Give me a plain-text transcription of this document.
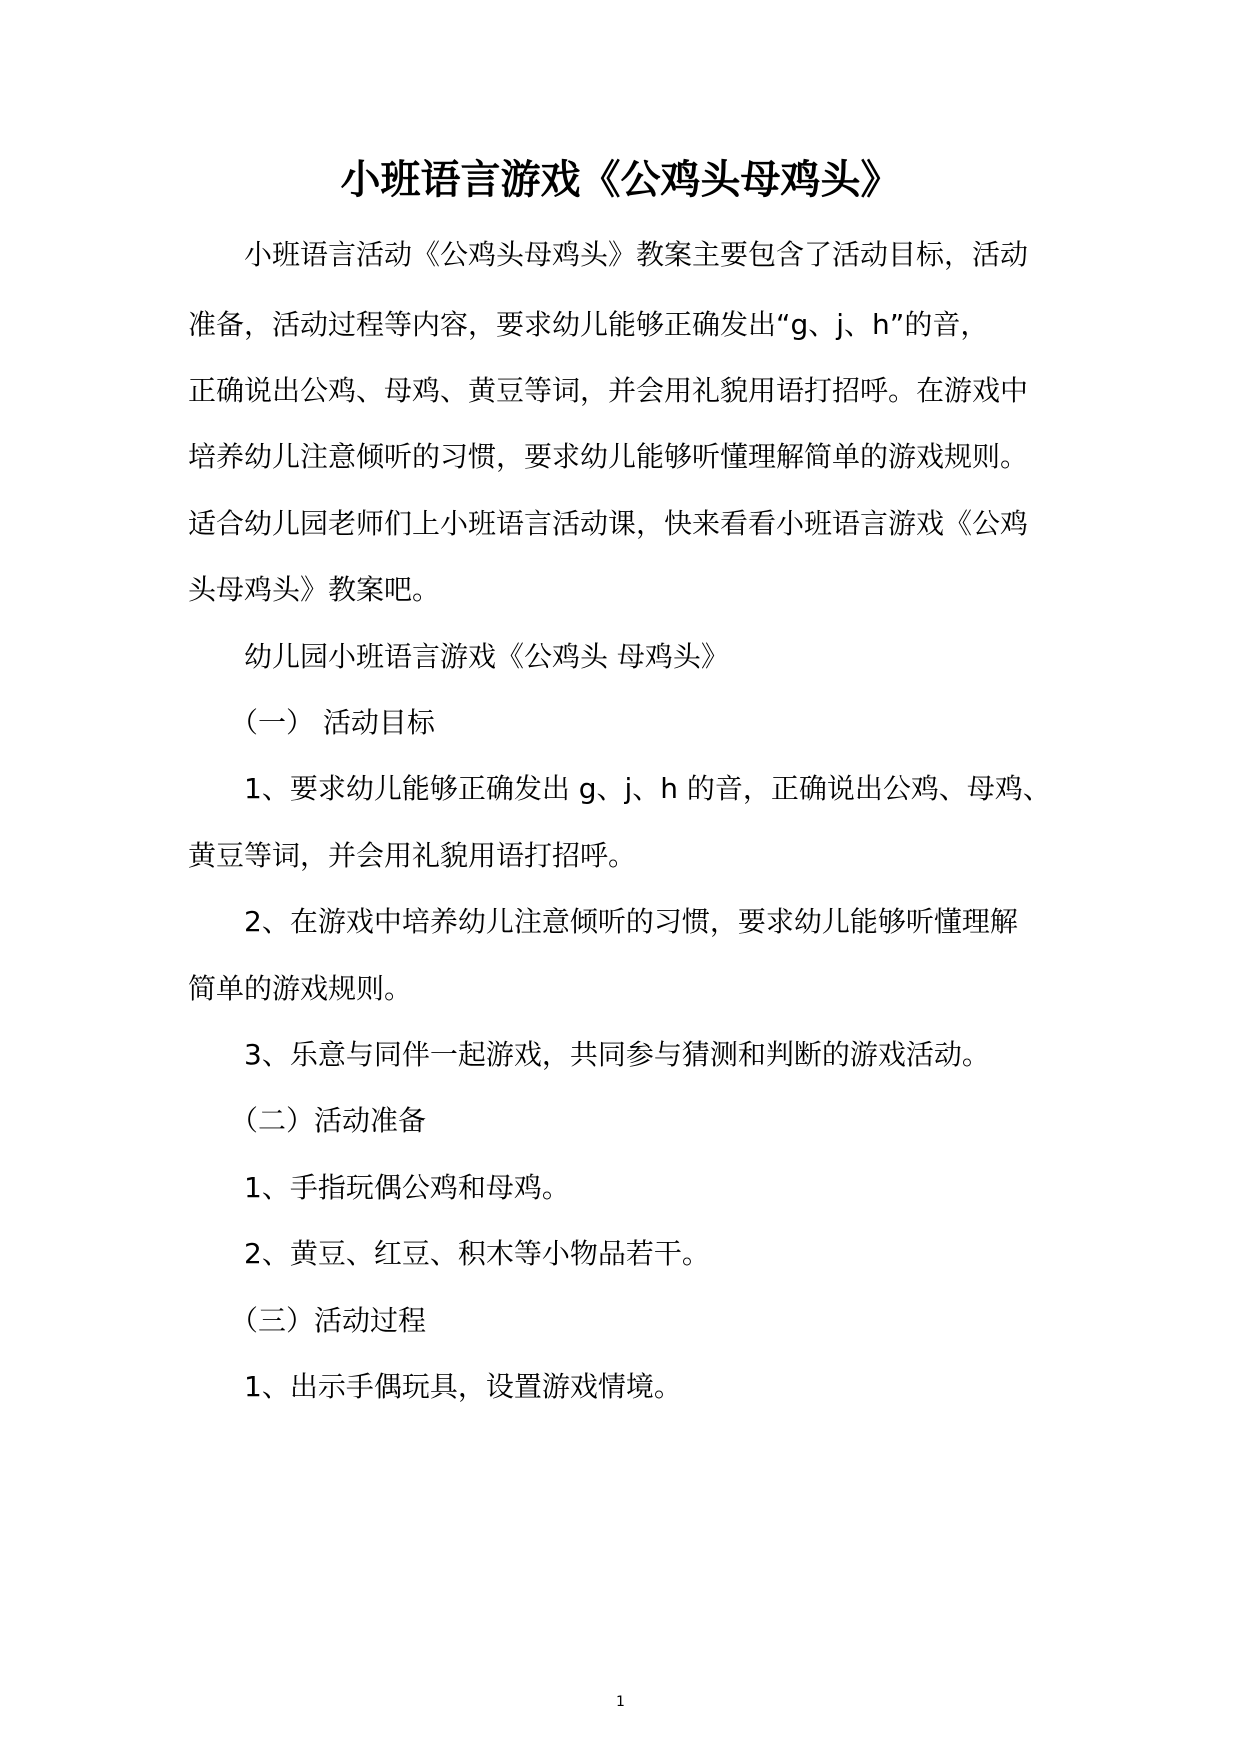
小班语言游戏《公鸡头母鸡头》
　　小班语言活动《公鸡头母鸡头》教案主要包含了活动目标，活动
准备，活动过程等内容，要求幼儿能够正确发出“g、j、h”的音，
正确说出公鸡、母鸡、黄豆等词，并会用礼貌用语打招呼。在游戏中
培养幼儿注意倾听的习惯，要求幼儿能够听懂理解简单的游戏规则。
适合幼儿园老师们上小班语言活动课，快来看看小班语言游戏《公鸡
头母鸡头》教案吧。
　　幼儿园小班语言游戏《公鸡头 母鸡头》
　　（一） 活动目标
　　1、要求幼儿能够正确发出 g、j、h 的音，正确说出公鸡、母鸡、
黄豆等词，并会用礼貌用语打招呼。
　　2、在游戏中培养幼儿注意倾听的习惯，要求幼儿能够听懂理解
简单的游戏规则。
　　3、乐意与同伴一起游戏，共同参与猜测和判断的游戏活动。
　　（二）活动准备
　　1、手指玩偶公鸡和母鸡。
　　2、黄豆、红豆、积木等小物品若干。
　　（三）活动过程
　　1、出示手偶玩具，设置游戏情境。
1
